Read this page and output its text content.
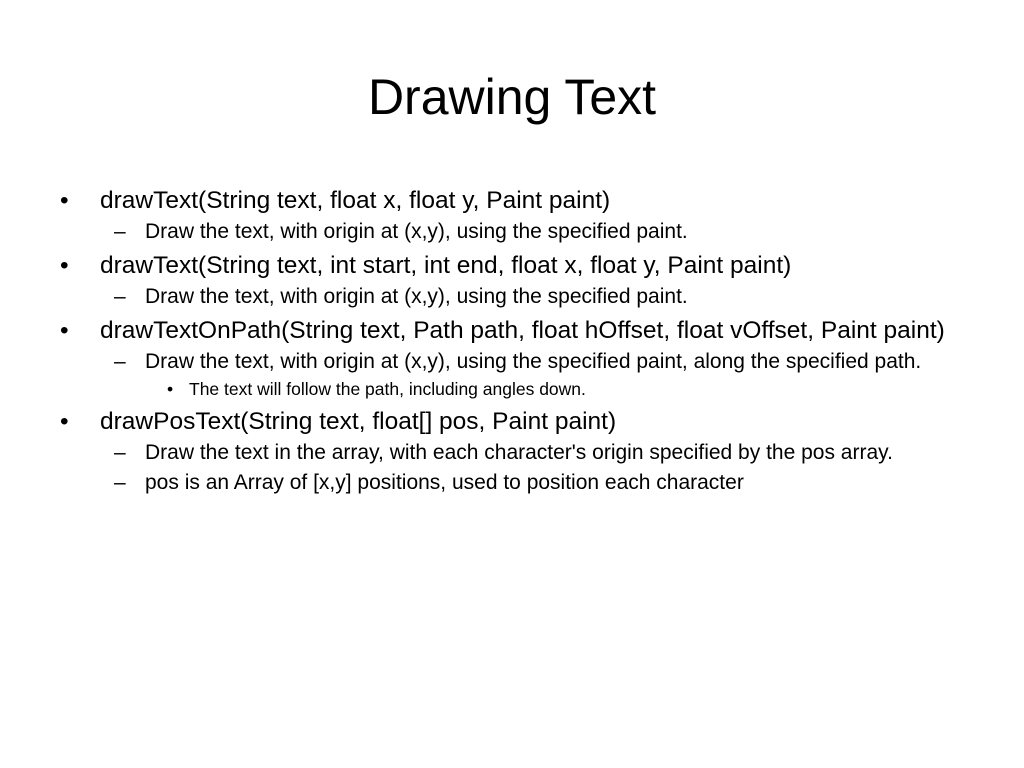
Drawing Text
• drawText(String text, float x, float y, Paint paint)
– Draw the text, with origin at (x,y), using the specified paint.
• drawText(String text, int start, int end, float x, float y, Paint paint)
– Draw the text, with origin at (x,y), using the specified paint.
• drawTextOnPath(String text, Path path, float hOffset, float vOffset, Paint paint)
– Draw the text, with origin at (x,y), using the specified paint, along the specified path.
• The text will follow the path, including angles down.
• drawPosText(String text, float[] pos, Paint paint)
– Draw the text in the array, with each character's origin specified by the pos array.
– pos is an Array of [x,y] positions, used to position each character
